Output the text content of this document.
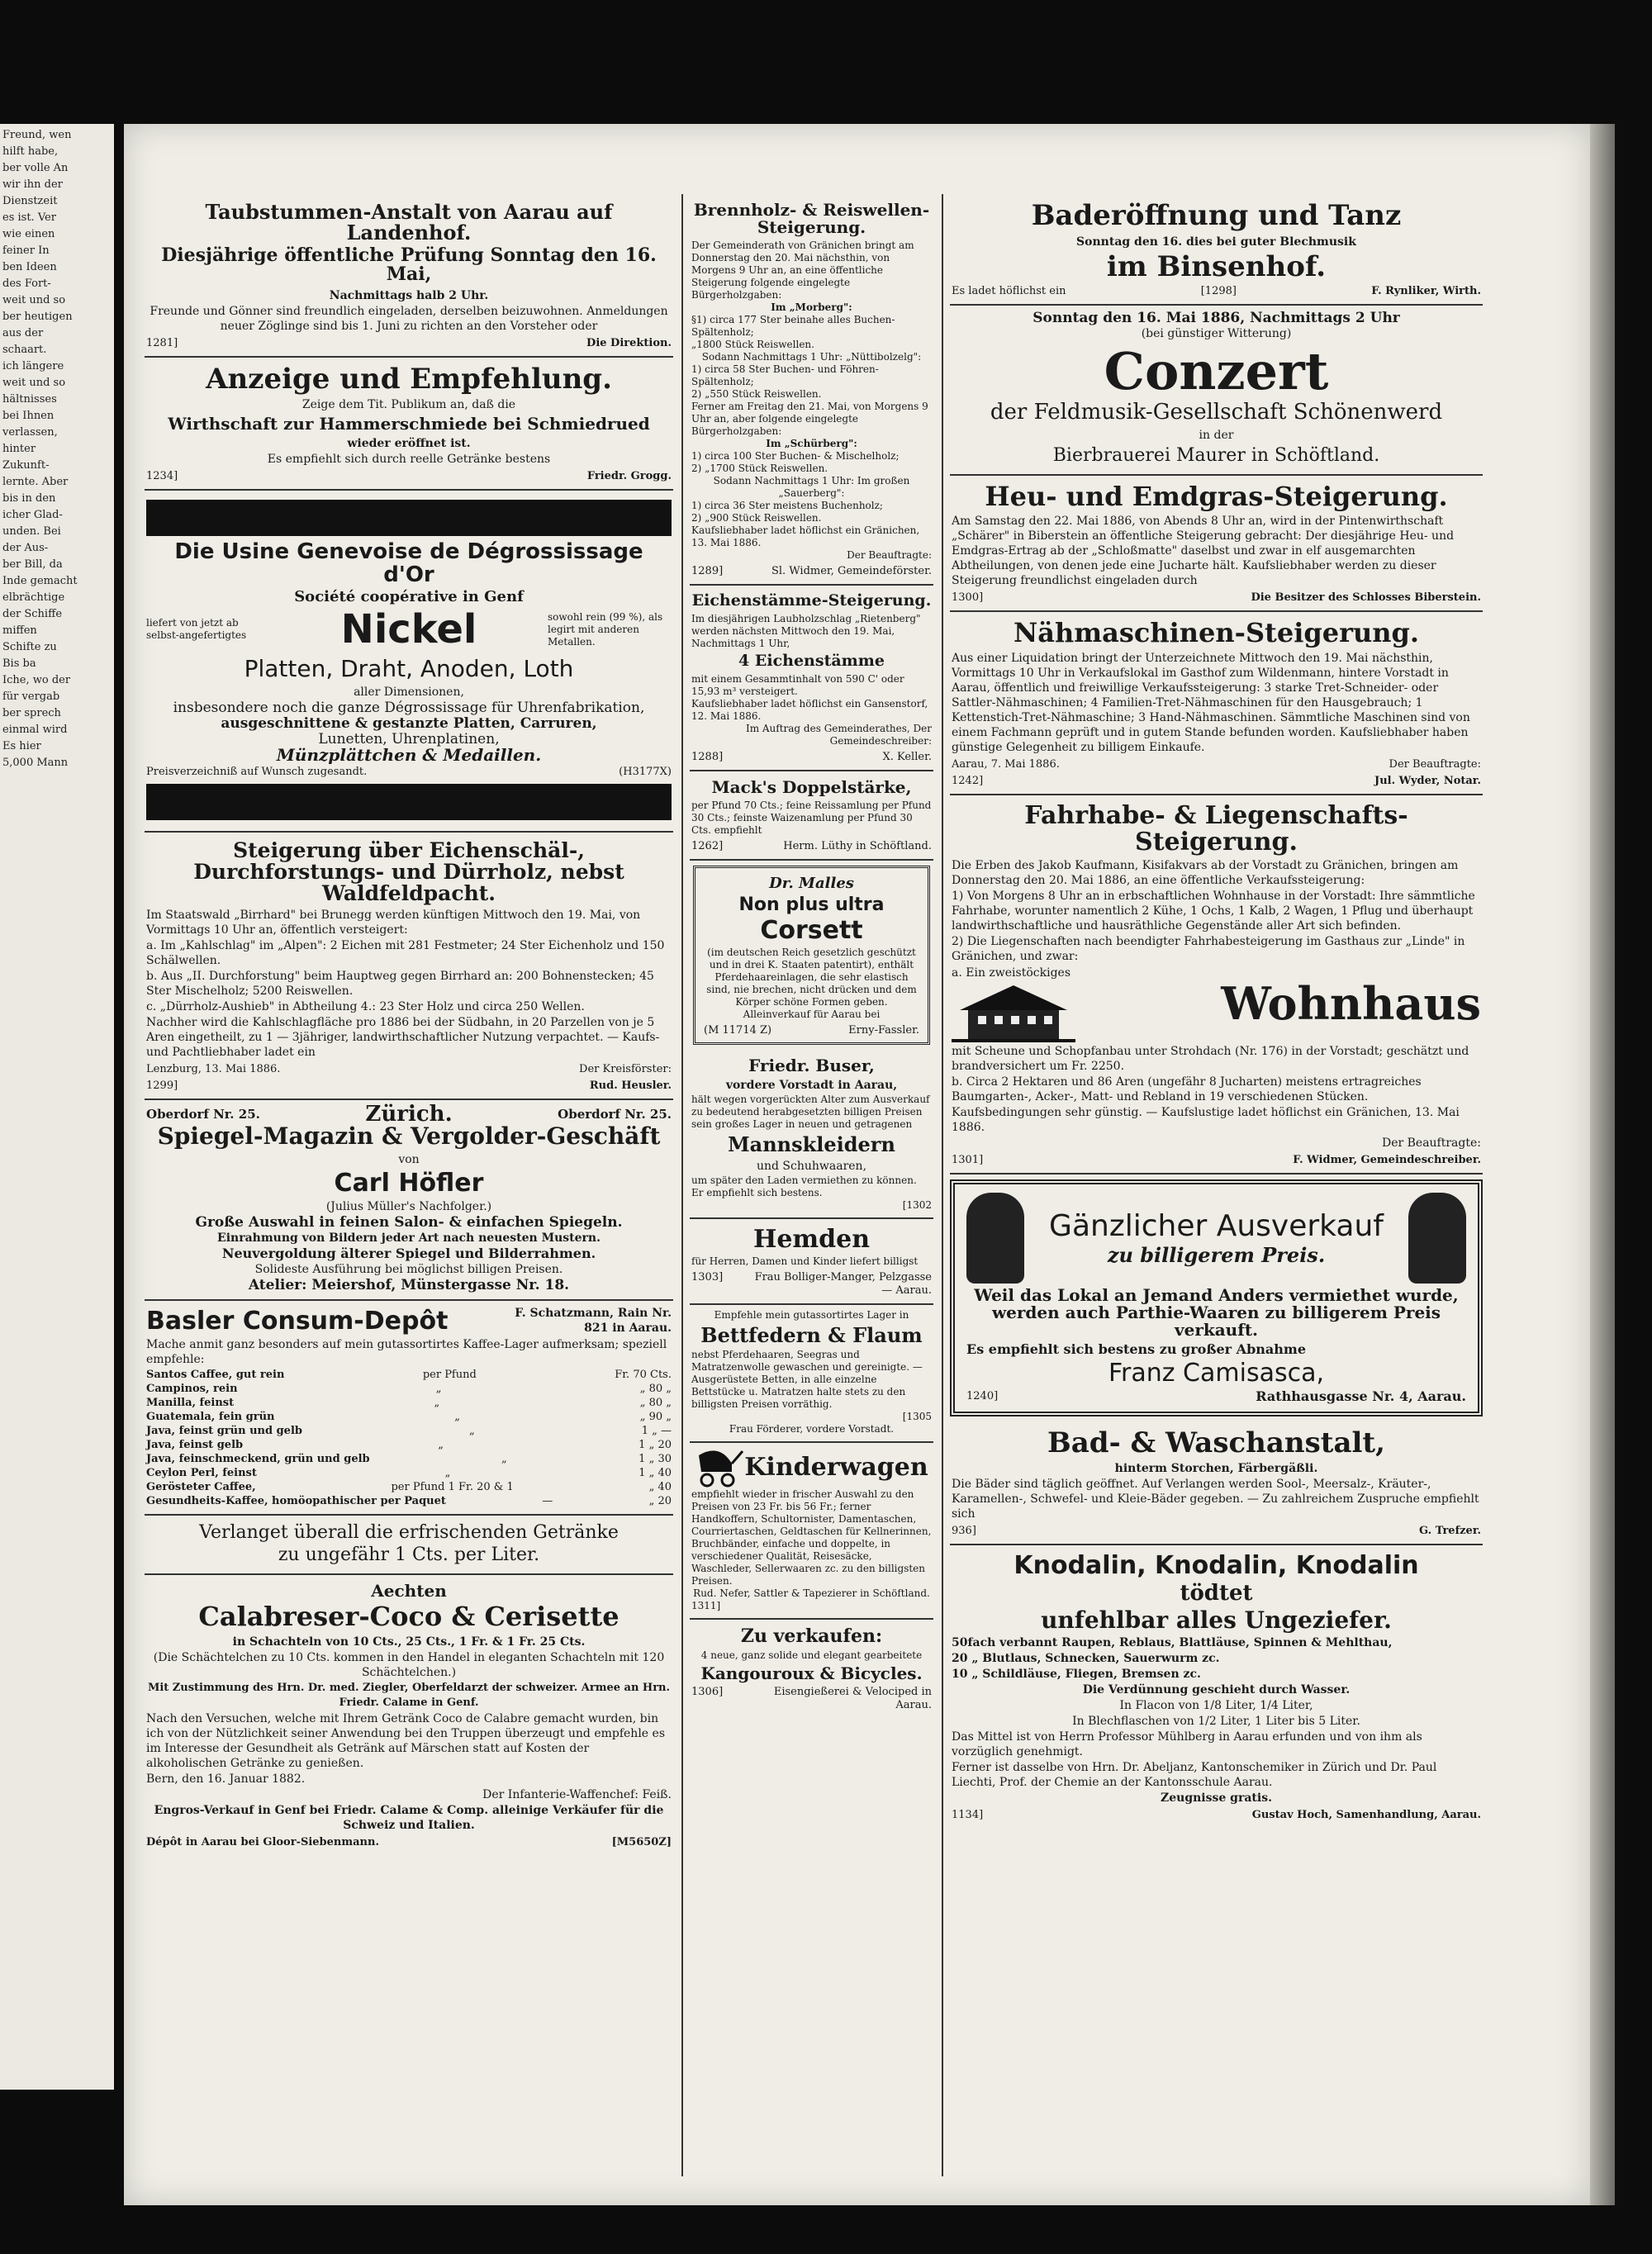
Freund, wen
hilft habe,
ber volle An
wir ihn der
Dienstzeit
es ist. Ver
wie einen
feiner In
ben Ideen
des Fort-
weit und so
ber heutigen
aus der
schaart.
ich längere
weit und so
hältnisses
bei Ihnen
verlassen,
hinter
Zukunft-
lernte. Aber
bis in den
icher Glad-
unden. Bei
der Aus-
ber Bill, da
Inde gemacht
elbrächtige
der Schiffe
miffen
Schifte zu
Bis ba
Iche, wo der
für vergab
ber sprech
einmal wird
Es hier
5,000 Mann
Taubstummen-Anstalt von Aarau auf Landenhof.
Diesjährige öffentliche Prüfung Sonntag den 16. Mai,
Nachmittags halb 2 Uhr.
Freunde und Gönner sind freundlich eingeladen, derselben beizuwohnen. Anmeldungen neuer Zöglinge sind bis 1. Juni zu richten an den Vorsteher oder
1281]	Die Direktion.
Anzeige und Empfehlung.
Zeige dem Tit. Publikum an, daß die
Wirthschaft zur Hammerschmiede bei Schmiedrued
wieder eröffnet ist.
Es empfiehlt sich durch reelle Getränke bestens
1234]	Friedr. Grogg.
Die Usine Genevoise de Dégrossissage d'Or
Société coopérative in Genf
liefert von jetzt ab selbst-angefertigtes	Nickel	sowohl rein (99 %), als legirt mit anderen Metallen.
Platten, Draht, Anoden, Loth
aller Dimensionen,
insbesondere noch die ganze Dégrossissage für Uhrenfabrikation,
ausgeschnittene & gestanzte Platten, Carruren,
Lunetten, Uhrenplatinen,
Münzplättchen & Medaillen.
Preisverzeichniß auf Wunsch zugesandt.	(H3177X)
Steigerung über Eichenschäl-, Durchforstungs- und Dürrholz, nebst Waldfeldpacht.
Im Staatswald „Birrhard" bei Brunegg werden künftigen Mittwoch den 19. Mai, von Vormittags 10 Uhr an, öffentlich versteigert:
a. Im „Kahlschlag" im „Alpen": 2 Eichen mit 281 Festmeter; 24 Ster Eichenholz und 150 Schälwellen.
b. Aus „II. Durchforstung" beim Hauptweg gegen Birrhard an: 200 Bohnenstecken; 45 Ster Mischelholz; 5200 Reiswellen.
c. „Dürrholz-Aushieb" in Abtheilung 4.: 23 Ster Holz und circa 250 Wellen.
Nachher wird die Kahlschlagfläche pro 1886 bei der Südbahn, in 20 Parzellen von je 5 Aren eingetheilt, zu 1 — 3jähriger, landwirthschaftlicher Nutzung verpachtet. — Kaufs- und Pachtliebhaber ladet ein
Lenzburg, 13. Mai 1886.	Der Kreisförster:
1299]	Rud. Heusler.
Oberdorf Nr. 25.	Zürich.	Oberdorf Nr. 25.
Spiegel-Magazin & Vergolder-Geschäft
von
Carl Höfler
(Julius Müller's Nachfolger.)
Große Auswahl in feinen Salon- & einfachen Spiegeln.
Einrahmung von Bildern jeder Art nach neuesten Mustern.
Neuvergoldung älterer Spiegel und Bilderrahmen.
Solideste Ausführung bei möglichst billigen Preisen.
Atelier: Meiershof, Münstergasse Nr. 18.
Basler Consum-Depôt	F. Schatzmann, Rain Nr. 821 in Aarau.
Mache anmit ganz besonders auf mein gutassortirtes Kaffee-Lager aufmerksam; speziell empfehle:
Santos Caffee, gut rein	per Pfund	Fr. 70 Cts.
Campinos, rein	„	„ 80 „
Manilla, feinst	„	„ 80 „
Guatemala, fein grün	„	„ 90 „
Java, feinst grün und gelb	„	1 „ —
Java, feinst gelb	„	1 „ 20
Java, feinschmeckend, grün und gelb	„	1 „ 30
Ceylon Perl, feinst	„	1 „ 40
Gerösteter Caffee,	per Pfund 1 Fr. 20 & 1	„ 40
Gesundheits-Kaffee, homöopathischer per Paquet	—	„ 20
Verlanget überall die erfrischenden Getränke
zu ungefähr 1 Cts. per Liter.
Aechten
Calabreser-Coco & Cerisette
in Schachteln von 10 Cts., 25 Cts., 1 Fr. & 1 Fr. 25 Cts.
(Die Schächtelchen zu 10 Cts. kommen in den Handel in eleganten Schachteln mit 120 Schächtelchen.)
Mit Zustimmung des Hrn. Dr. med. Ziegler, Oberfeldarzt der schweizer. Armee an Hrn. Friedr. Calame in Genf.
Nach den Versuchen, welche mit Ihrem Getränk Coco de Calabre gemacht wurden, bin ich von der Nützlichkeit seiner Anwendung bei den Truppen überzeugt und empfehle es im Interesse der Gesundheit als Getränk auf Märschen statt auf Kosten der alkoholischen Getränke zu genießen.
Bern, den 16. Januar 1882.
Der Infanterie-Waffenchef: Feiß.
Engros-Verkauf in Genf bei Friedr. Calame & Comp. alleinige Verkäufer für die Schweiz und Italien.
Dépôt in Aarau bei Gloor-Siebenmann.	[M5650Z]
Brennholz- & Reiswellen-Steigerung.
Der Gemeinderath von Gränichen bringt am Donnerstag den 20. Mai nächsthin, von Morgens 9 Uhr an, an eine öffentliche Steigerung folgende eingelegte Bürgerholzgaben:
Im „Morberg":
§1) circa 177 Ster beinahe alles Buchen-Spältenholz;
„1800 Stück Reiswellen.
Sodann Nachmittags 1 Uhr: „Nüttibolzelg":
1) circa 58 Ster Buchen- und Föhren-Spältenholz;
2) „550 Stück Reiswellen.
Ferner am Freitag den 21. Mai, von Morgens 9 Uhr an, aber folgende eingelegte Bürgerholzgaben:
Im „Schürberg":
1) circa 100 Ster Buchen- & Mischelholz;
2) „1700 Stück Reiswellen.
Sodann Nachmittags 1 Uhr: Im großen „Sauerberg":
1) circa 36 Ster meistens Buchenholz;
2) „900 Stück Reiswellen.
Kaufsliebhaber ladet höflichst ein Gränichen, 13. Mai 1886.
Der Beauftragte:
1289]	Sl. Widmer, Gemeindeförster.
Eichenstämme-Steigerung.
Im diesjährigen Laubholzschlag „Rietenberg" werden nächsten Mittwoch den 19. Mai, Nachmittags 1 Uhr,
4 Eichenstämme
mit einem Gesammtinhalt von 590 C' oder 15,93 m³ versteigert.
Kaufsliebhaber ladet höflichst ein Gansenstorf, 12. Mai 1886.
Im Auftrag des Gemeinderathes, Der Gemeindeschreiber:
1288]	X. Keller.
Mack's Doppelstärke,
per Pfund 70 Cts.; feine Reissamlung per Pfund 30 Cts.; feinste Waizenamlung per Pfund 30 Cts. empfiehlt
1262]	Herm. Lüthy in Schöftland.
Dr. Malles
Non plus ultra
Corsett
(im deutschen Reich gesetzlich geschützt und in drei K. Staaten patentirt), enthält Pferdehaareinlagen, die sehr elastisch sind, nie brechen, nicht drücken und dem Körper schöne Formen geben. Alleinverkauf für Aarau bei
(M 11714 Z)	Erny-Fassler.
Friedr. Buser,
vordere Vorstadt in Aarau,
hält wegen vorgerückten Alter zum Ausverkauf zu bedeutend herabgesetzten billigen Preisen sein großes Lager in neuen und getragenen
Mannskleidern
und Schuhwaaren,
um später den Laden vermiethen zu können. Er empfiehlt sich bestens.
[1302
Hemden
für Herren, Damen und Kinder liefert billigst
1303]	Frau Bolliger-Manger, Pelzgasse — Aarau.
Empfehle mein gutassortirtes Lager in
Bettfedern & Flaum
nebst Pferdehaaren, Seegras und Matratzenwolle gewaschen und gereinigte. — Ausgerüstete Betten, in alle einzelne Bettstücke u. Matratzen halte stets zu den billigsten Preisen vorräthig.
[1305
Frau Förderer, vordere Vorstadt.
Kinderwagen
empfiehlt wieder in frischer Auswahl zu den Preisen von 23 Fr. bis 56 Fr.; ferner Handkoffern, Schultornister, Damentaschen, Courriertaschen, Geldtaschen für Kellnerinnen, Bruchbänder, einfache und doppelte, in verschiedener Qualität, Reisesäcke, Waschleder, Sellerwaaren zc. zu den billigsten Preisen.
Rud. Nefer, Sattler & Tapezierer in Schöftland.
1311]
Zu verkaufen:
4 neue, ganz solide und elegant gearbeitete
Kangouroux & Bicycles.
1306]	Eisengießerei & Velociped in Aarau.
Baderöffnung und Tanz
Sonntag den 16. dies bei guter Blechmusik
im Binsenhof.
Es ladet höflichst ein	[1298]	F. Rynliker, Wirth.
Sonntag den 16. Mai 1886, Nachmittags 2 Uhr
(bei günstiger Witterung)
Conzert
der Feldmusik-Gesellschaft Schönenwerd
in der
Bierbrauerei Maurer in Schöftland.
Heu- und Emdgras-Steigerung.
Am Samstag den 22. Mai 1886, von Abends 8 Uhr an, wird in der Pintenwirthschaft „Schärer" in Biberstein an öffentliche Steigerung gebracht: Der diesjährige Heu- und Emdgras-Ertrag ab der „Schloßmatte" daselbst und zwar in elf ausgemarchten Abtheilungen, von denen jede eine Jucharte hält. Kaufsliebhaber werden zu dieser Steigerung freundlichst eingeladen durch
1300]	Die Besitzer des Schlosses Biberstein.
Nähmaschinen-Steigerung.
Aus einer Liquidation bringt der Unterzeichnete Mittwoch den 19. Mai nächsthin, Vormittags 10 Uhr in Verkaufslokal im Gasthof zum Wildenmann, hintere Vorstadt in Aarau, öffentlich und freiwillige Verkaufssteigerung: 3 starke Tret-Schneider- oder Sattler-Nähmaschinen; 4 Familien-Tret-Nähmaschinen für den Hausgebrauch; 1 Kettenstich-Tret-Nähmaschine; 3 Hand-Nähmaschinen. Sämmtliche Maschinen sind von einem Fachmann geprüft und in gutem Stande befunden worden. Kaufsliebhaber haben günstige Gelegenheit zu billigem Einkaufe.
Aarau, 7. Mai 1886.	Der Beauftragte:
1242]	Jul. Wyder, Notar.
Fahrhabe- & Liegenschafts-Steigerung.
Die Erben des Jakob Kaufmann, Kisifakvars ab der Vorstadt zu Gränichen, bringen am Donnerstag den 20. Mai 1886, an eine öffentliche Verkaufssteigerung:
1) Von Morgens 8 Uhr an in erbschaftlichen Wohnhause in der Vorstadt: Ihre sämmtliche Fahrhabe, worunter namentlich 2 Kühe, 1 Ochs, 1 Kalb, 2 Wagen, 1 Pflug und überhaupt landwirthschaftliche und hausräthliche Gegenstände aller Art sich befinden.
2) Die Liegenschaften nach beendigter Fahrhabesteigerung im Gasthaus zur „Linde" in Gränichen, und zwar:
a. Ein zweistöckiges
Wohnhaus
mit Scheune und Schopfanbau unter Strohdach (Nr. 176) in der Vorstadt; geschätzt und brandversichert um Fr. 2250.
b. Circa 2 Hektaren und 86 Aren (ungefähr 8 Jucharten) meistens ertragreiches Baumgarten-, Acker-, Matt- und Rebland in 19 verschiedenen Stücken.
Kaufsbedingungen sehr günstig. — Kaufslustige ladet höflichst ein Gränichen, 13. Mai 1886.
Der Beauftragte:
1301]	F. Widmer, Gemeindeschreiber.
Gänzlicher Ausverkauf
zu billigerem Preis.
Weil das Lokal an Jemand Anders vermiethet wurde, werden auch Parthie-Waaren zu billigerem Preis verkauft.
Es empfiehlt sich bestens zu großer Abnahme
Franz Camisasca,
1240]	Rathhausgasse Nr. 4, Aarau.
Bad- & Waschanstalt,
hinterm Storchen, Färbergäßli.
Die Bäder sind täglich geöffnet. Auf Verlangen werden Sool-, Meersalz-, Kräuter-, Karamellen-, Schwefel- und Kleie-Bäder gegeben. — Zu zahlreichem Zuspruche empfiehlt sich
936]	G. Trefzer.
Knodalin, Knodalin, Knodalin
tödtet
unfehlbar alles Ungeziefer.
50fach verbannt Raupen, Reblaus, Blattläuse, Spinnen & Mehlthau,
20 „ Blutlaus, Schnecken, Sauerwurm zc.
10 „ Schildläuse, Fliegen, Bremsen zc.
Die Verdünnung geschieht durch Wasser.
In Flacon von 1/8 Liter, 1/4 Liter,
In Blechflaschen von 1/2 Liter, 1 Liter bis 5 Liter.
Das Mittel ist von Herrn Professor Mühlberg in Aarau erfunden und von ihm als vorzüglich genehmigt.
Ferner ist dasselbe von Hrn. Dr. Abeljanz, Kantonschemiker in Zürich und Dr. Paul Liechti, Prof. der Chemie an der Kantonsschule Aarau.
Zeugnisse gratis.
1134]	Gustav Hoch, Samenhandlung, Aarau.
